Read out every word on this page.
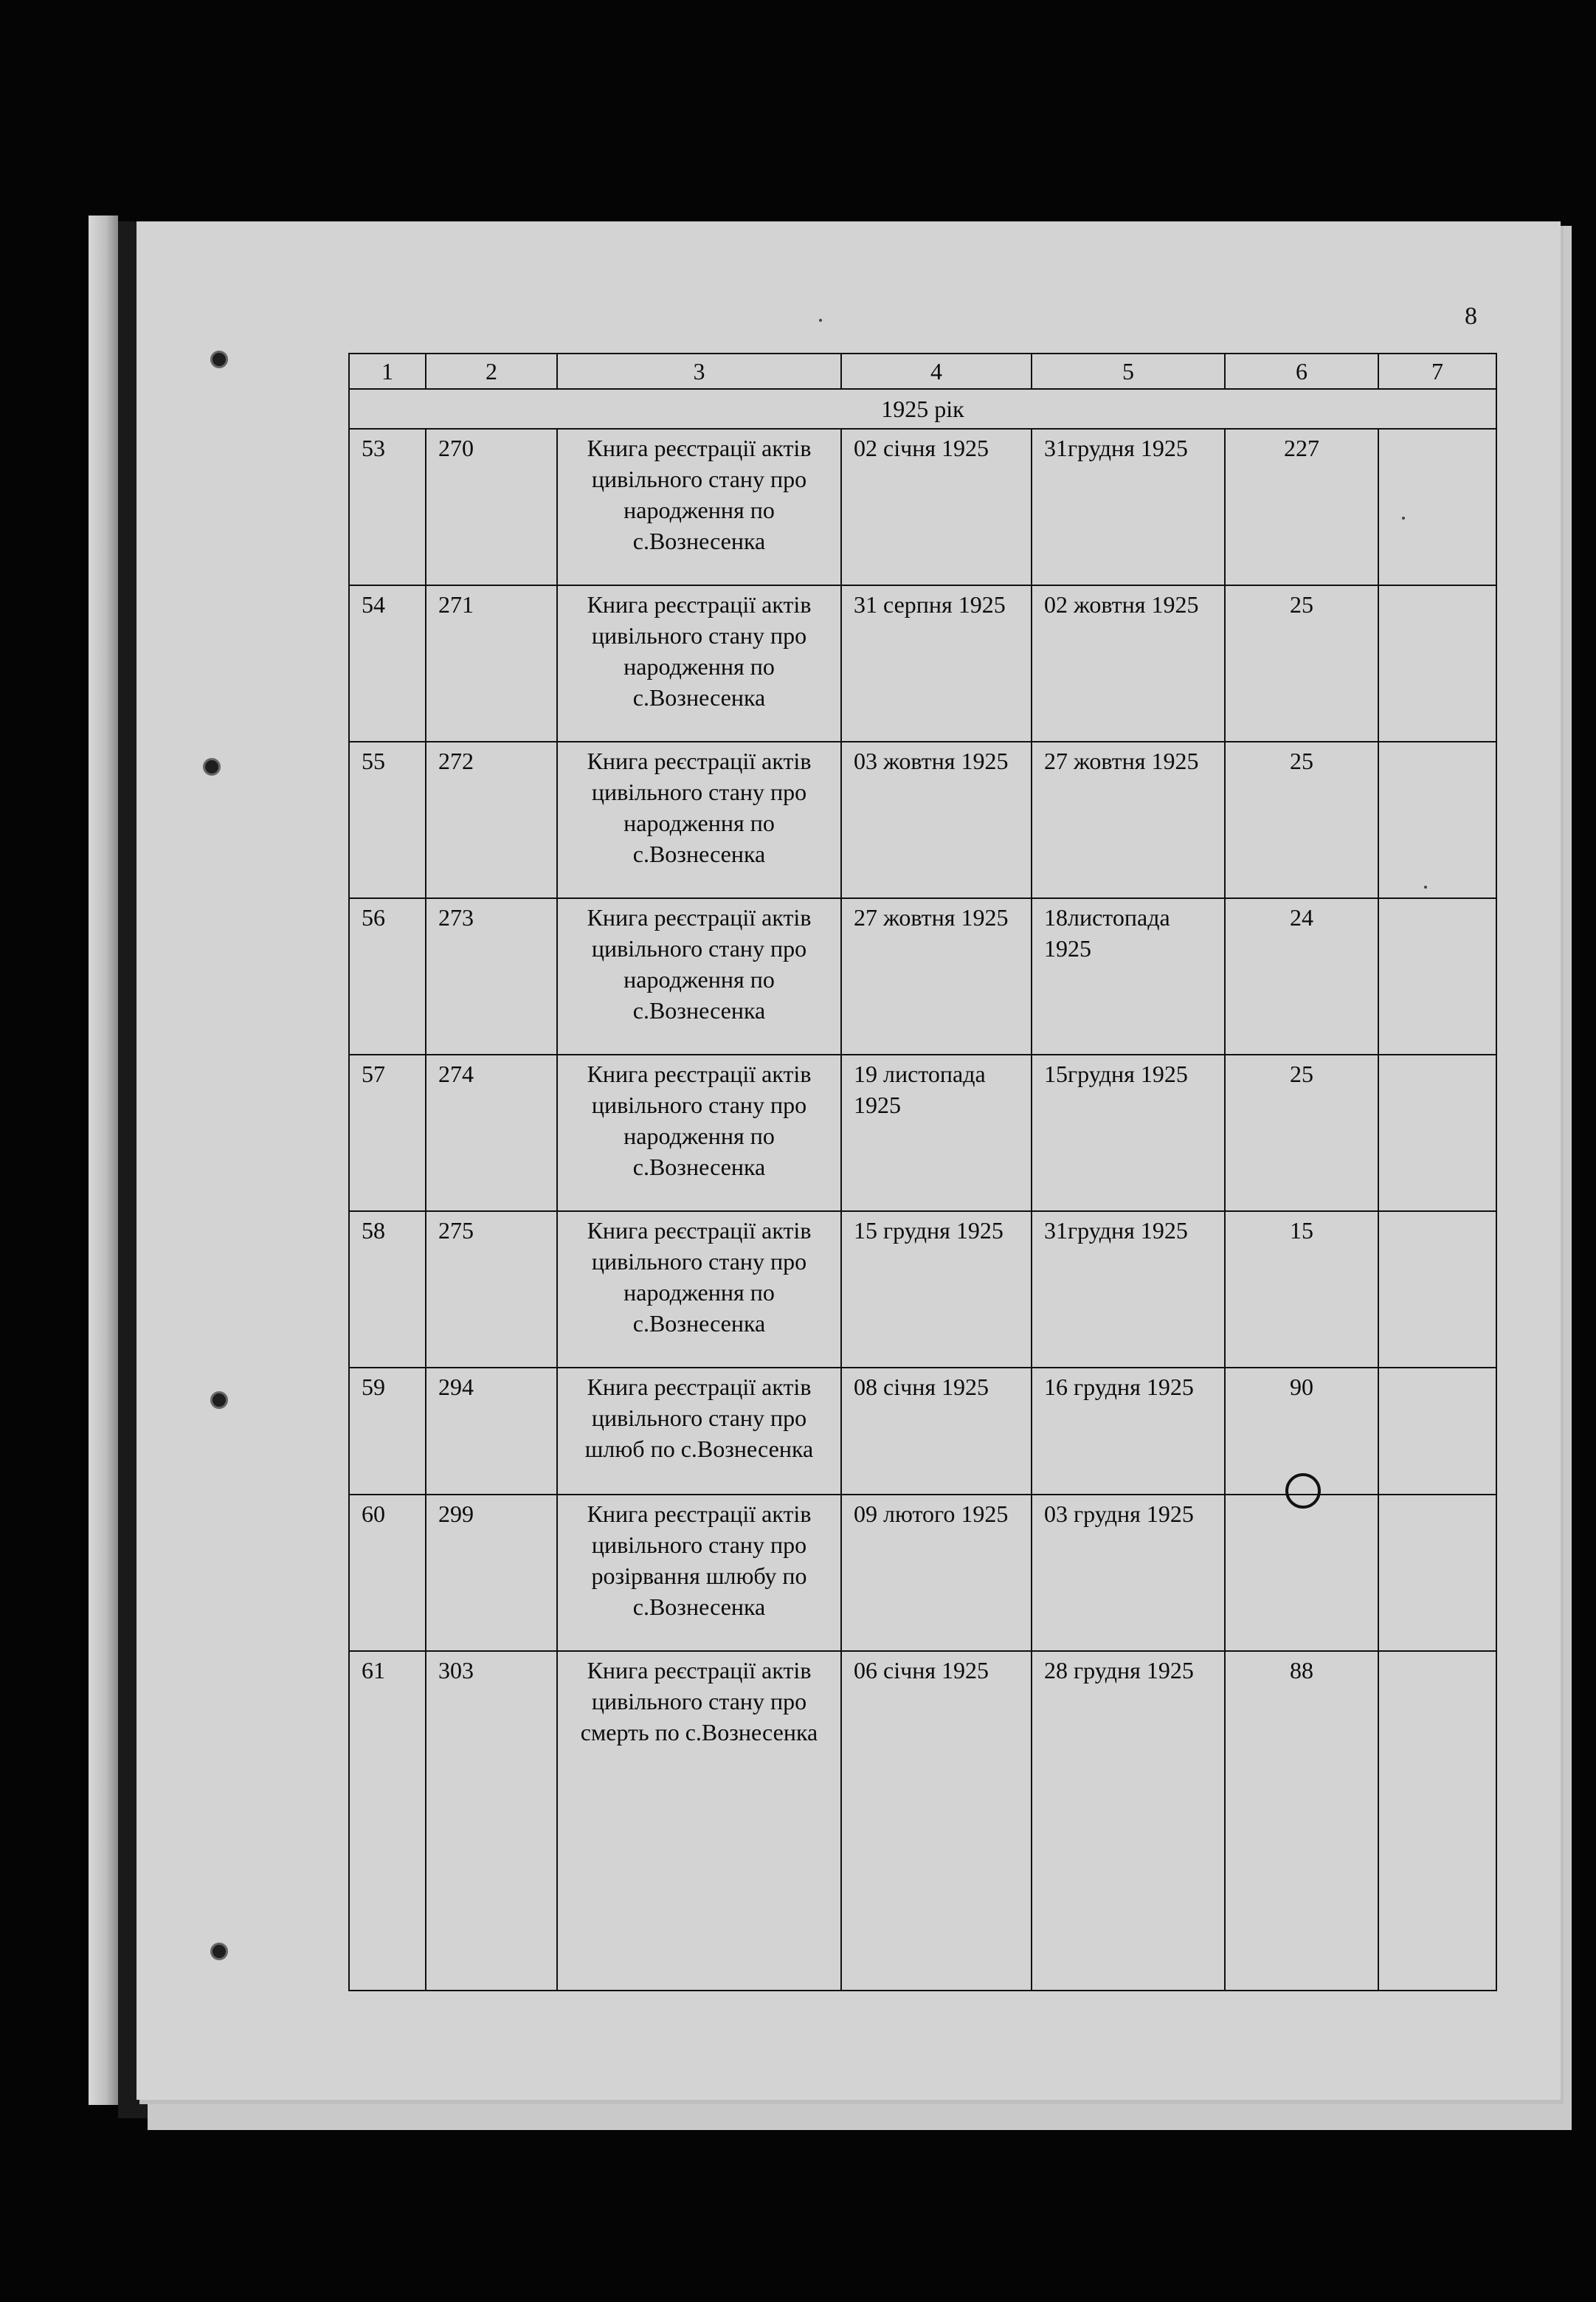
8
1	2	3	4	5	6	7
1925 рік						
53	270	Книга реєстрації актів цивільного стану про народження по с.Вознесенка	02 січня 1925	31грудня 1925	227	
54	271	Книга реєстрації актів цивільного стану про народження по с.Вознесенка	31 серпня 1925	02 жовтня 1925	25	
55	272	Книга реєстрації актів цивільного стану про народження по с.Вознесенка	03 жовтня 1925	27 жовтня 1925	25	
56	273	Книга реєстрації актів цивільного стану про народження по с.Вознесенка	27 жовтня 1925	18листопада 1925	24	
57	274	Книга реєстрації актів цивільного стану про народження по с.Вознесенка	19 листопада 1925	15грудня 1925	25	
58	275	Книга реєстрації актів цивільного стану про народження по с.Вознесенка	15 грудня 1925	31грудня 1925	15	
59	294	Книга реєстрації актів цивільного стану про шлюб по с.Вознесенка	08 січня 1925	16 грудня 1925	90	
60	299	Книга реєстрації актів цивільного стану про розірвання шлюбу по с.Вознесенка	09 лютого 1925	03 грудня 1925		
61	303	Книга реєстрації актів цивільного стану про смерть по с.Вознесенка	06 січня 1925	28 грудня 1925	88	
